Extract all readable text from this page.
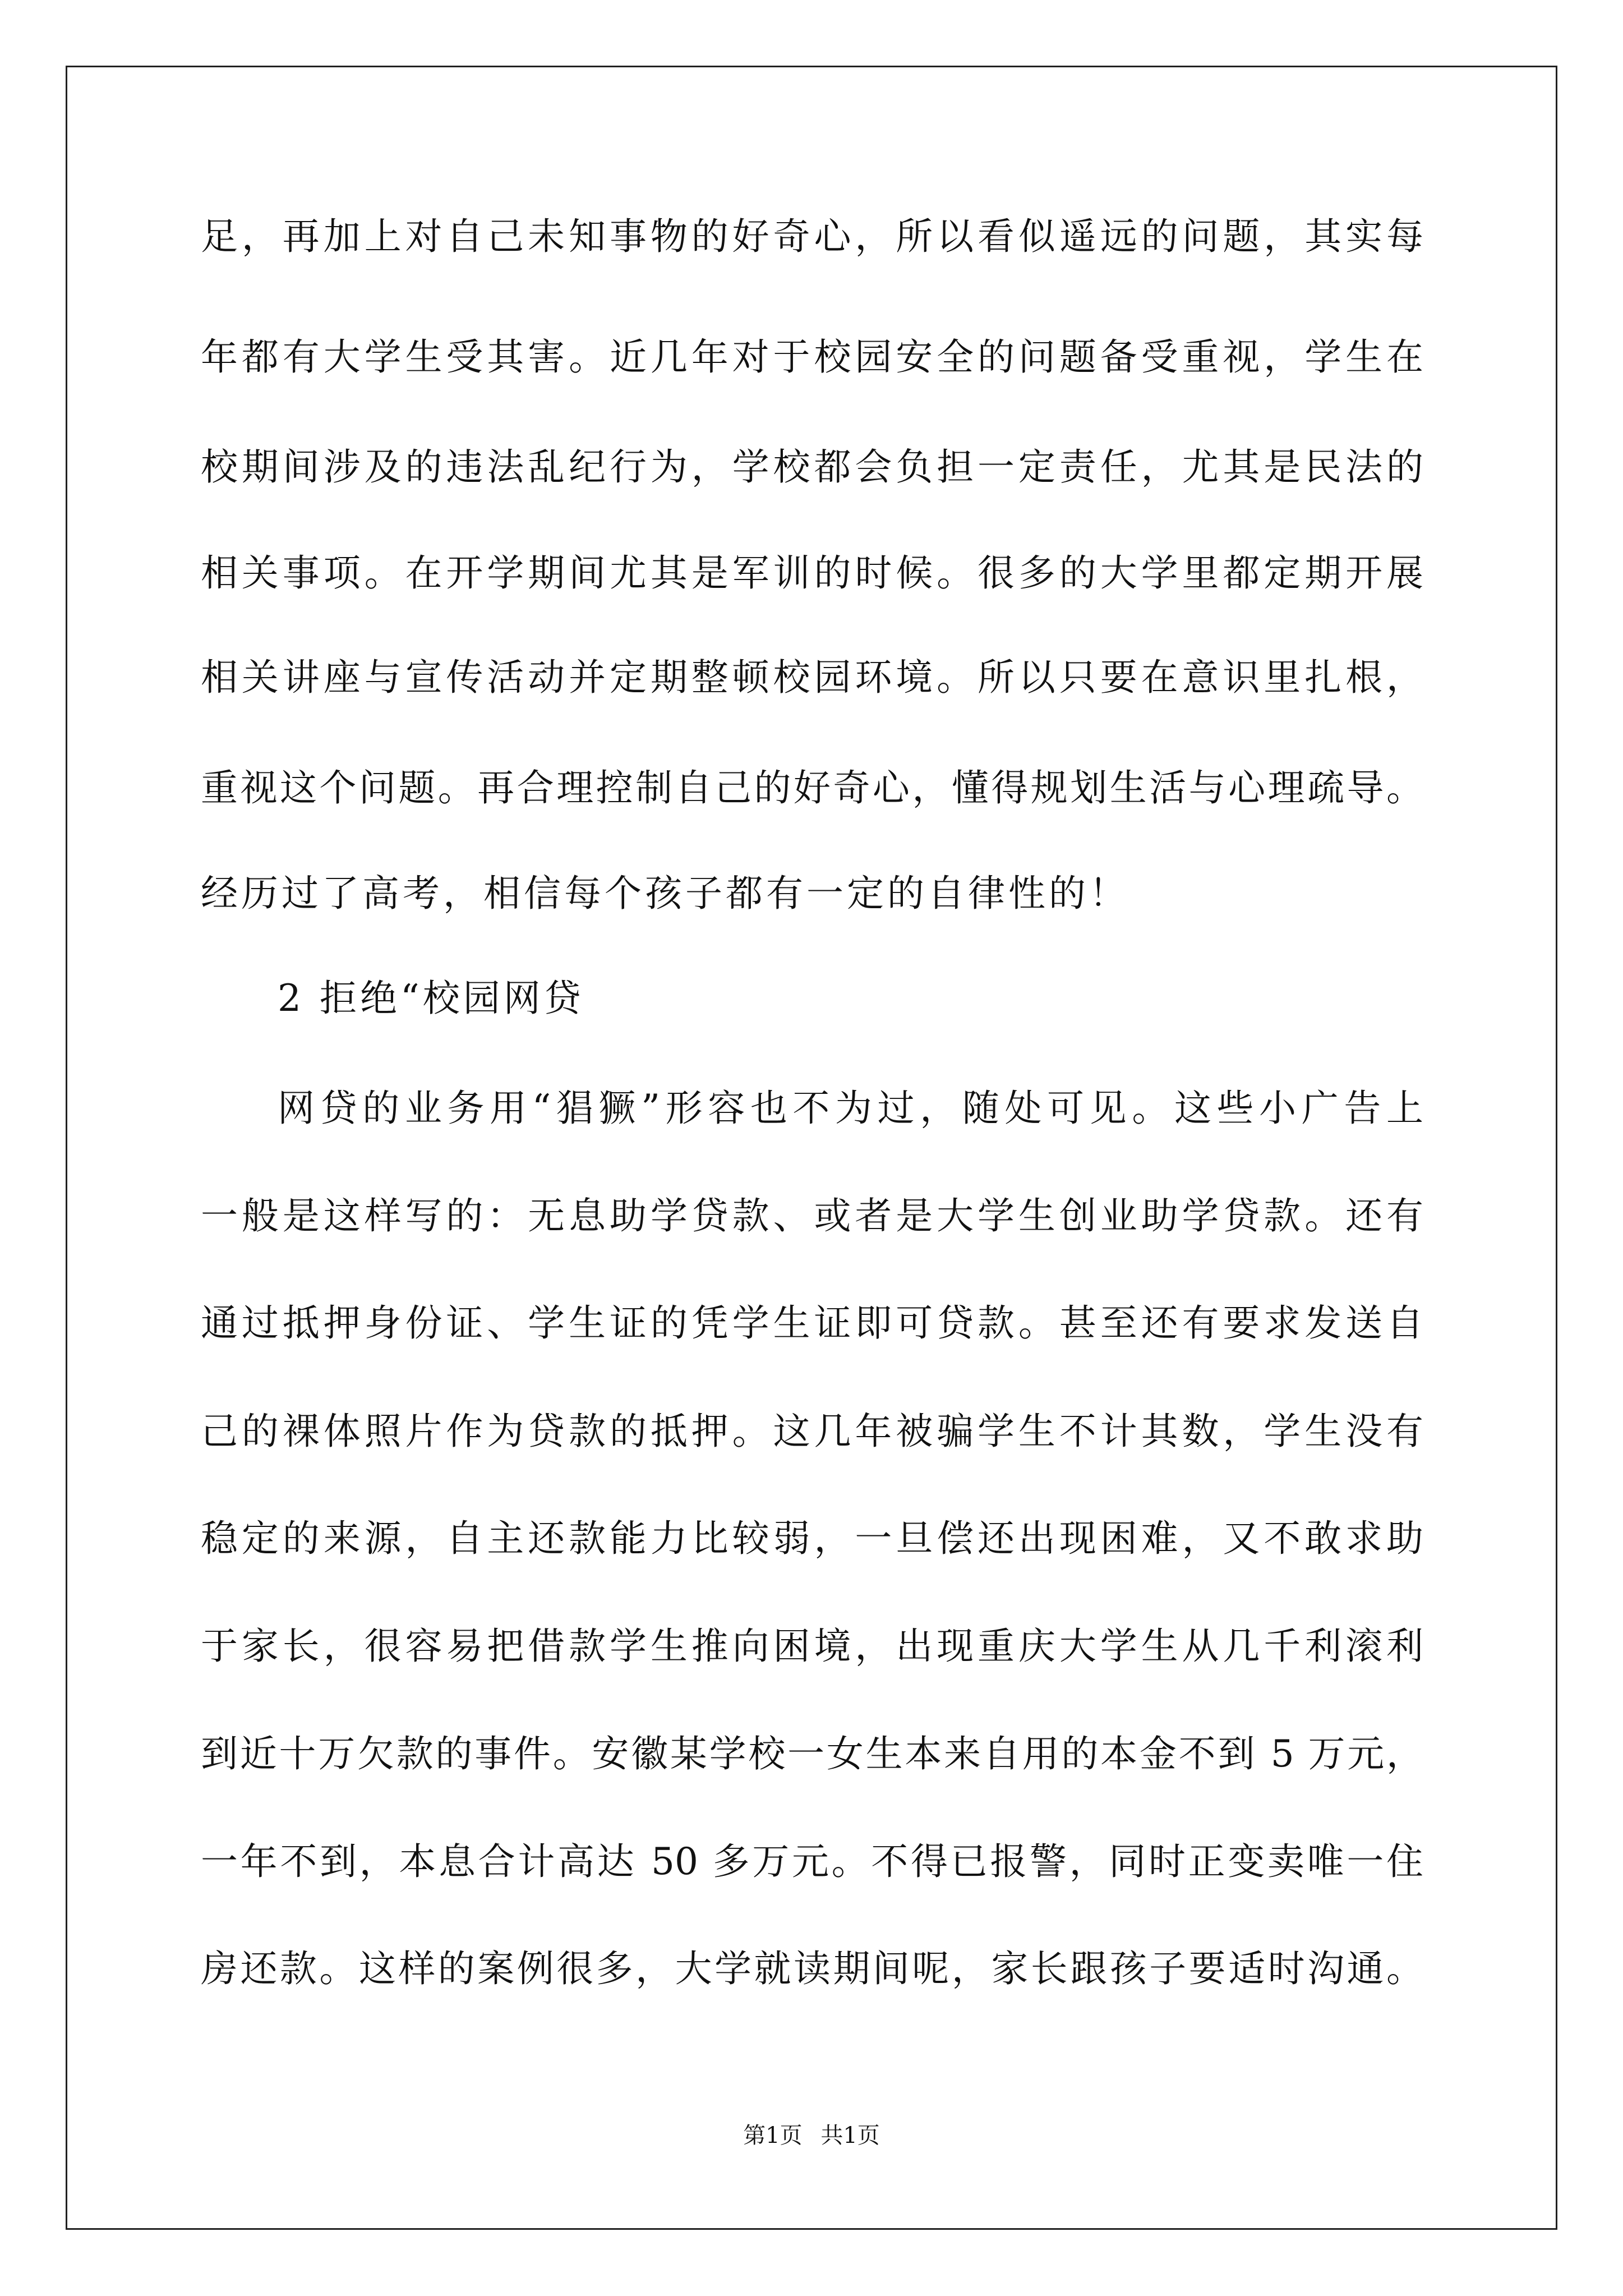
足，再加上对自己未知事物的好奇心，所以看似遥远的问题，其实每
年都有大学生受其害。近几年对于校园安全的问题备受重视，学生在
校期间涉及的违法乱纪行为，学校都会负担一定责任，尤其是民法的
相关事项。在开学期间尤其是军训的时候。很多的大学里都定期开展
相关讲座与宣传活动并定期整顿校园环境。所以只要在意识里扎根，
重视这个问题。再合理控制自己的好奇心，懂得规划生活与心理疏导。
经历过了高考，相信每个孩子都有一定的自律性的！
2 拒绝“校园网贷
网贷的业务用“猖獗”形容也不为过，随处可见。这些小广告上
一般是这样写的：无息助学贷款、或者是大学生创业助学贷款。还有
通过抵押身份证、学生证的凭学生证即可贷款。甚至还有要求发送自
己的裸体照片作为贷款的抵押。这几年被骗学生不计其数，学生没有
稳定的来源，自主还款能力比较弱，一旦偿还出现困难，又不敢求助
于家长，很容易把借款学生推向困境，出现重庆大学生从几千利滚利
到近十万欠款的事件。安徽某学校一女生本来自用的本金不到 5 万元，
一年不到，本息合计高达 50 多万元。不得已报警，同时正变卖唯一住
房还款。这样的案例很多，大学就读期间呢，家长跟孩子要适时沟通。
第1页 共1页
